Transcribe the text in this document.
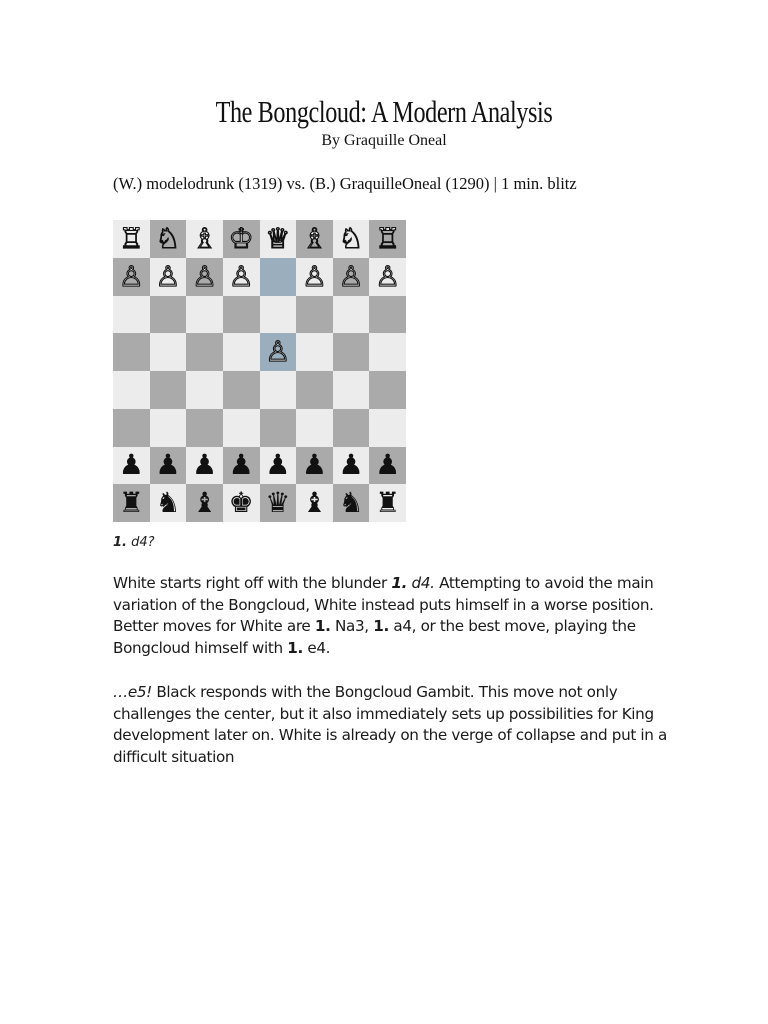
The Bongcloud: A Modern Analysis
By Graquille Oneal
(W.) modelodrunk (1319) vs. (B.) GraquilleOneal (1290) | 1 min. blitz
♖ ♘ ♗ ♔ ♕ ♗ ♘ ♖
♙ ♙ ♙ ♙ ♙ ♙ ♙
♙
♟ ♟ ♟ ♟ ♟ ♟ ♟ ♟
♜ ♞ ♝ ♚ ♛ ♝ ♞ ♜
1. d4?

White starts right off with the blunder 1. d4. Attempting to avoid the main variation of the Bongcloud, White instead puts himself in a worse position. Better moves for White are 1. Na3, 1. a4, or the best move, playing the Bongcloud himself with 1. e4.

…e5! Black responds with the Bongcloud Gambit. This move not only challenges the center, but it also immediately sets up possibilities for King development later on. White is already on the verge of collapse and put in a difficult situation
